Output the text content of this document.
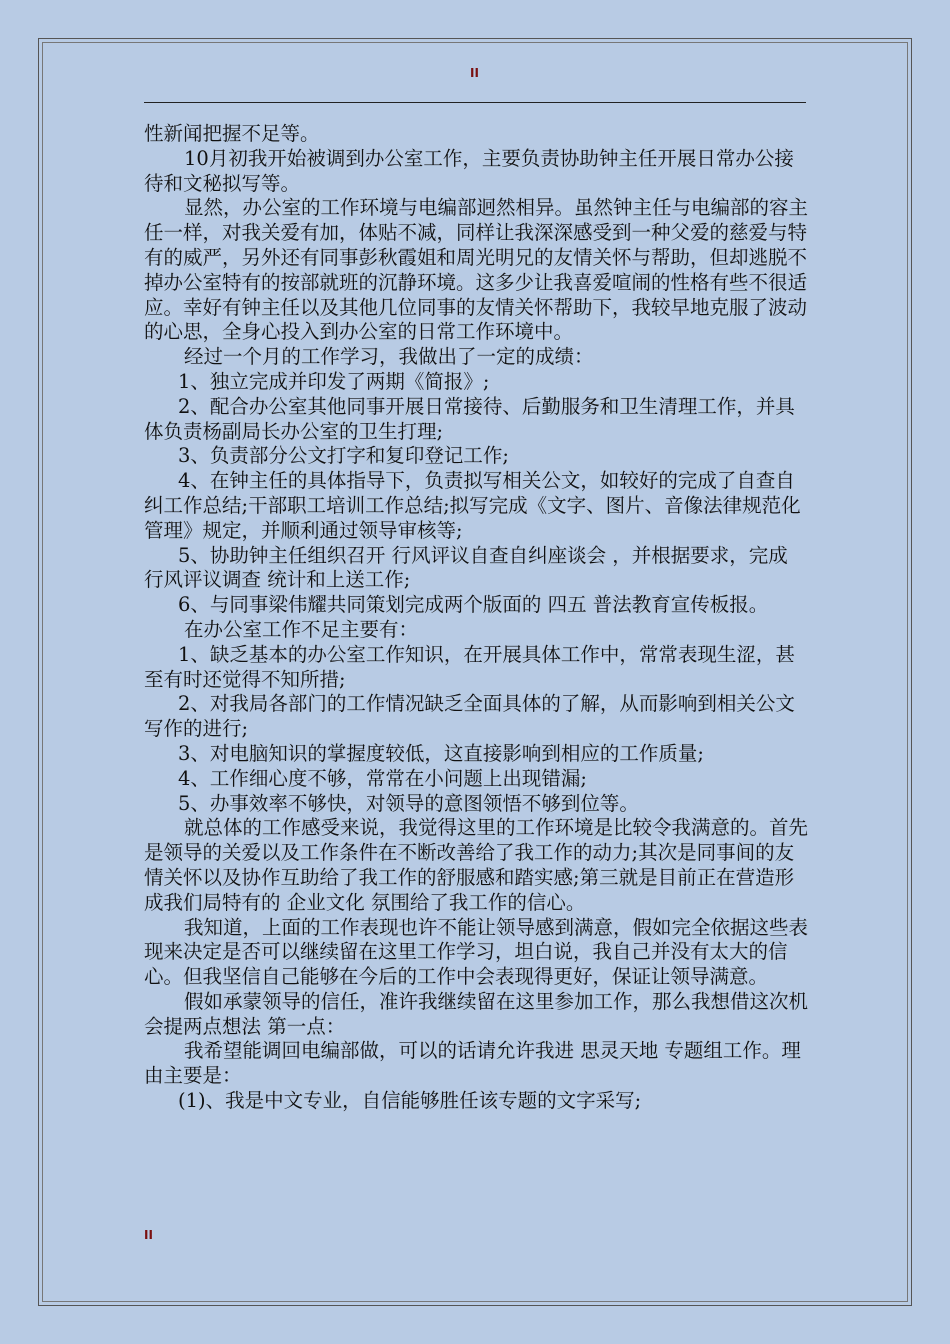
II

性新闻把握不足等。

10月初我开始被调到办公室工作，主要负责协助钟主任开展日常办公接待和文秘拟写等。

显然，办公室的工作环境与电编部迥然相异。虽然钟主任与电编部的容主任一样，对我关爱有加，体贴不减，同样让我深深感受到一种父爱的慈爱与特有的威严，另外还有同事彭秋霞姐和周光明兄的友情关怀与帮助，但却逃脱不掉办公室特有的按部就班的沉静环境。这多少让我喜爱喧闹的性格有些不很适应。幸好有钟主任以及其他几位同事的友情关怀帮助下，我较早地克服了波动的心思，全身心投入到办公室的日常工作环境中。

经过一个月的工作学习，我做出了一定的成绩：

1、独立完成并印发了两期《简报》;

2、配合办公室其他同事开展日常接待、后勤服务和卫生清理工作，并具体负责杨副局长办公室的卫生打理;

3、负责部分公文打字和复印登记工作;

4、在钟主任的具体指导下，负责拟写相关公文，如较好的完成了自查自纠工作总结;干部职工培训工作总结;拟写完成《文字、图片、音像法律规范化管理》规定，并顺利通过领导审核等;

5、协助钟主任组织召开 行风评议自查自纠座谈会 ，并根据要求，完成 行风评议调查 统计和上送工作;

6、与同事梁伟耀共同策划完成两个版面的 四五 普法教育宣传板报。

在办公室工作不足主要有：

1、缺乏基本的办公室工作知识，在开展具体工作中，常常表现生涩，甚至有时还觉得不知所措;

2、对我局各部门的工作情况缺乏全面具体的了解，从而影响到相关公文写作的进行;

3、对电脑知识的掌握度较低，这直接影响到相应的工作质量;

4、工作细心度不够，常常在小问题上出现错漏;

5、办事效率不够快，对领导的意图领悟不够到位等。

就总体的工作感受来说，我觉得这里的工作环境是比较令我满意的。首先是领导的关爱以及工作条件在不断改善给了我工作的动力;其次是同事间的友情关怀以及协作互助给了我工作的舒服感和踏实感;第三就是目前正在营造形成我们局特有的 企业文化 氛围给了我工作的信心。

我知道，上面的工作表现也许不能让领导感到满意，假如完全依据这些表现来决定是否可以继续留在这里工作学习，坦白说，我自己并没有太大的信心。但我坚信自己能够在今后的工作中会表现得更好，保证让领导满意。

假如承蒙领导的信任，准许我继续留在这里参加工作，那么我想借这次机会提两点想法 第一点：

我希望能调回电编部做，可以的话请允许我进 思灵天地 专题组工作。理由主要是：

(1)、我是中文专业，自信能够胜任该专题的文字采写;

II
